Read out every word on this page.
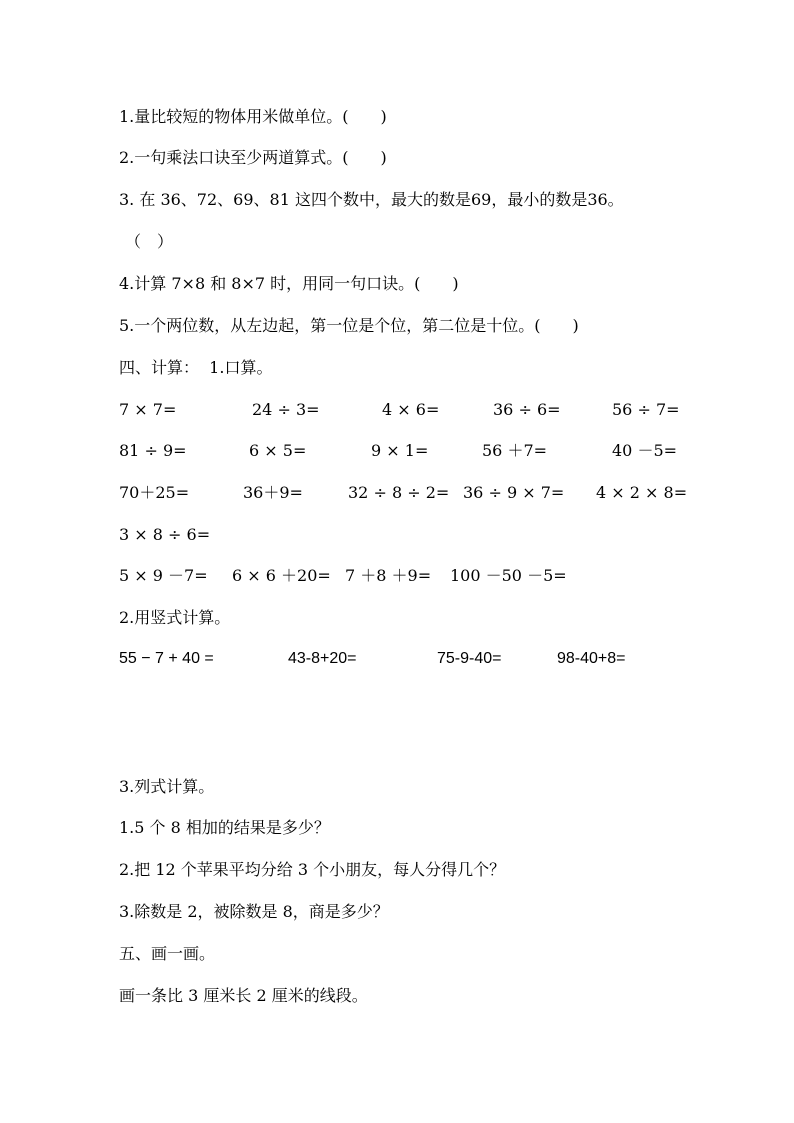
1.量比较短的物体用米做单位。(　　)
2.一句乘法口诀至少两道算式。(　　)
3. 在 36、72、69、81 这四个数中，最大的数是69，最小的数是36。
（　）
4.计算 7×8 和 8×7 时，用同一句口诀。(　　)
5.一个两位数，从左边起，第一位是个位，第二位是十位。(　　)
四、计算：  1.口算。
7 × 7=	24 ÷ 3=	4 × 6=	36 ÷ 6=	56 ÷ 7=
81 ÷ 9=	6 × 5=	9 × 1=	56 ＋7=	40 －5=
70＋25=	36＋9=	32 ÷ 8 ÷ 2= 36 ÷ 9 × 7= 4 × 2 × 8=
3 × 8 ÷ 6=
5 × 9 －7= 6 × 6 ＋20= 7 ＋8 ＋9= 100 －50 －5=
2.用竖式计算。
55 − 7 + 40 =	43-8+20=	75-9-40=	98-40+8=
3.列式计算。
1.5 个 8 相加的结果是多少？
2.把 12 个苹果平均分给 3 个小朋友，每人分得几个？
3.除数是 2，被除数是 8，商是多少？
五、画一画。
画一条比 3 厘米长 2 厘米的线段。
